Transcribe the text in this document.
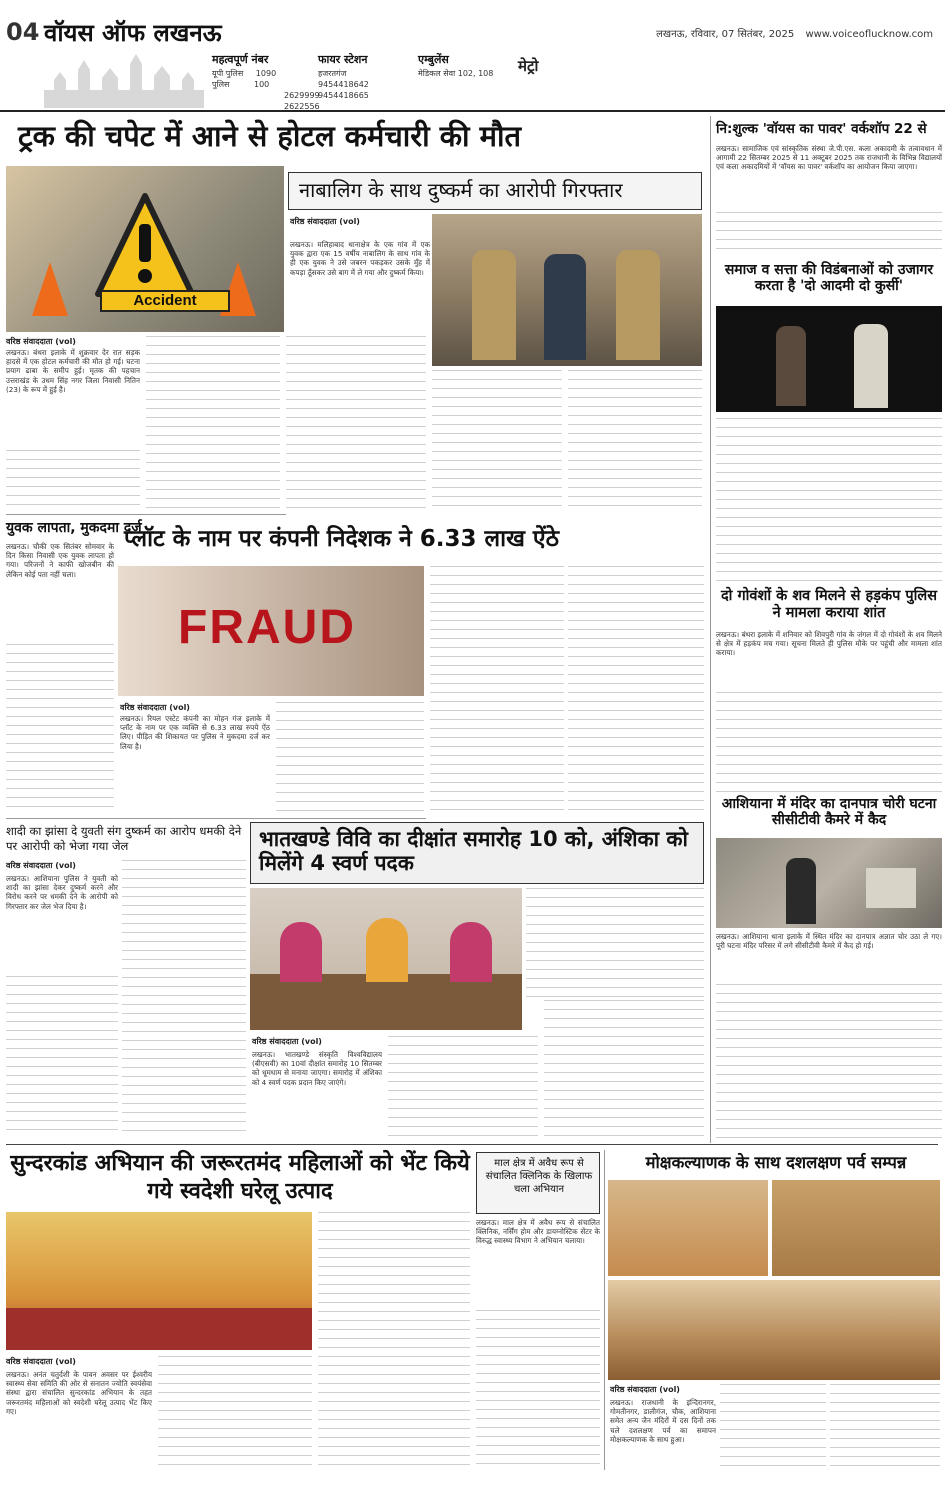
04 वॉयस ऑफ लखनऊ
महत्वपूर्ण नंबर
यूपी पुलिस 1090
पुलिस	100
2629999
2622556
फायर स्टेशन
हजरतगंज
9454418642
9454418665
एम्बुलेंस
मेडिकल सेवा 102, 108 मेट्रो
लखनऊ, रविवार, 07 सितंबर, 2025 www.voiceoflucknow.com
ट्रक की चपेट में आने से होटल कर्मचारी की मौत
Accident
वरिष्ठ संवाददाता (vol)

लखनऊ। बंथरा इलाके में शुक्रवार देर रात सड़क हादसे में एक होटल कर्मचारी की मौत हो गई। घटना प्रयाग ढाबा के समीप हुई। मृतक की पहचान उत्तराखंड के उधम सिंह नगर जिला निवासी नितिन (23) के रूप में हुई है।

नाबालिग के साथ दुष्कर्म का आरोपी गिरफ्तार
वरिष्ठ संवाददाता (vol)

लखनऊ। मलिहाबाद थानाक्षेत्र के एक गांव में एक युवक द्वारा एक 15 वर्षीय नाबालिग के साथ गांव के ही एक युवक ने उसे जबरन पकड़कर उसके मुँह में कपड़ा ठूँसकर उसे बाग में ले गया और दुष्कर्म किया।

नि:शुल्क 'वॉयस का पावर' वर्कशॉप 22 से

लखनऊ। सामाजिक एवं सांस्कृतिक संस्था जे.पी.एस. कला अकादमी के तत्वावधान में आगामी 22 सितम्बर 2025 से 11 अक्टूबर 2025 तक राजधानी के विभिन्न विद्यालयों एवं कला अकादमियों में 'वॉयस का पावर' वर्कशॉप का आयोजन किया जाएगा।

समाज व सत्ता की विडंबनाओं को उजागर करता है 'दो आदमी दो कुर्सी'
युवक लापता, मुकदमा दर्ज

लखनऊ। चौकी एक सितंबर सोमवार के दिन किसा निवासी एक युवक लापता हो गया। परिजनों ने काफी खोजबीन की लेकिन कोई पता नहीं चला।

प्लॉट के नाम पर कंपनी निदेशक ने 6.33 लाख ऐंठे
FRAUD
वरिष्ठ संवाददाता (vol)

लखनऊ। रियल एस्टेट कंपनी का मोहन गंज इलाके में प्लॉट के नाम पर एक व्यक्ति से 6.33 लाख रुपये ऐंठ लिए। पीड़ित की शिकायत पर पुलिस ने मुकदमा दर्ज कर लिया है।

दो गोवंशों के शव मिलने से हड़कंप पुलिस ने मामला कराया शांत

लखनऊ। बंथरा इलाके में शनिवार को शिवपुरी गांव के जंगल में दो गोवंशों के शव मिलने से क्षेत्र में हड़कंप मच गया। सूचना मिलते ही पुलिस मौके पर पहुंची और मामला शांत कराया।

शादी का झांसा दे युवती संग दुष्कर्म का आरोप धमकी देने पर आरोपी को भेजा गया जेल
वरिष्ठ संवाददाता (vol)

लखनऊ। आशियाना पुलिस ने युवती को शादी का झांसा देकर दुष्कर्म करने और विरोध करने पर धमकी देने के आरोपी को गिरफ्तार कर जेल भेज दिया है।

भातखण्डे विवि का दीक्षांत समारोह 10 को, अंशिका को मिलेंगे 4 स्वर्ण पदक
वरिष्ठ संवाददाता (vol)

लखनऊ। भातखण्डे संस्कृति विश्वविद्यालय (बीएसवी) का 10वां दीक्षांत समारोह 10 सितम्बर को धूमधाम से मनाया जाएगा। समारोह में अंशिका को 4 स्वर्ण पदक प्रदान किए जाएंगे।

आशियाना में मंदिर का दानपात्र चोरी घटना सीसीटीवी कैमरे में कैद

लखनऊ। आशियाना थाना इलाके में स्थित मंदिर का दानपात्र अज्ञात चोर उठा ले गए। पूरी घटना मंदिर परिसर में लगे सीसीटीवी कैमरे में कैद हो गई।

सुन्दरकांड अभियान की जरूरतमंद महिलाओं को भेंट किये गये स्वदेशी घरेलू उत्पाद
वरिष्ठ संवाददाता (vol)

लखनऊ। अनंत चतुर्दशी के पावन अवसर पर ईश्वरीय स्वास्थ्य सेवा समिति की ओर से सनातन ज्योति स्वयंसेवा संस्था द्वारा संचालित सुन्दरकांड अभियान के तहत जरूरतमंद महिलाओं को स्वदेशी घरेलू उत्पाद भेंट किए गए।

माल क्षेत्र में अवैध रूप से संचालित क्लिनिक के खिलाफ चला अभियान

लखनऊ। माल क्षेत्र में अवैध रूप से संचालित क्लिनिक, नर्सिंग होम और डायग्नोस्टिक सेंटर के विरुद्ध स्वास्थ्य विभाग ने अभियान चलाया।

मोक्षकल्याणक के साथ दशलक्षण पर्व सम्पन्न
वरिष्ठ संवाददाता (vol)

लखनऊ। राजधानी के इन्दिरानगर, गोमतीनगर, डालीगंज, चौक, आशियाना समेत अन्य जैन मंदिरों में दस दिनों तक चले दशलक्षण पर्व का समापन मोक्षकल्याणक के साथ हुआ।
